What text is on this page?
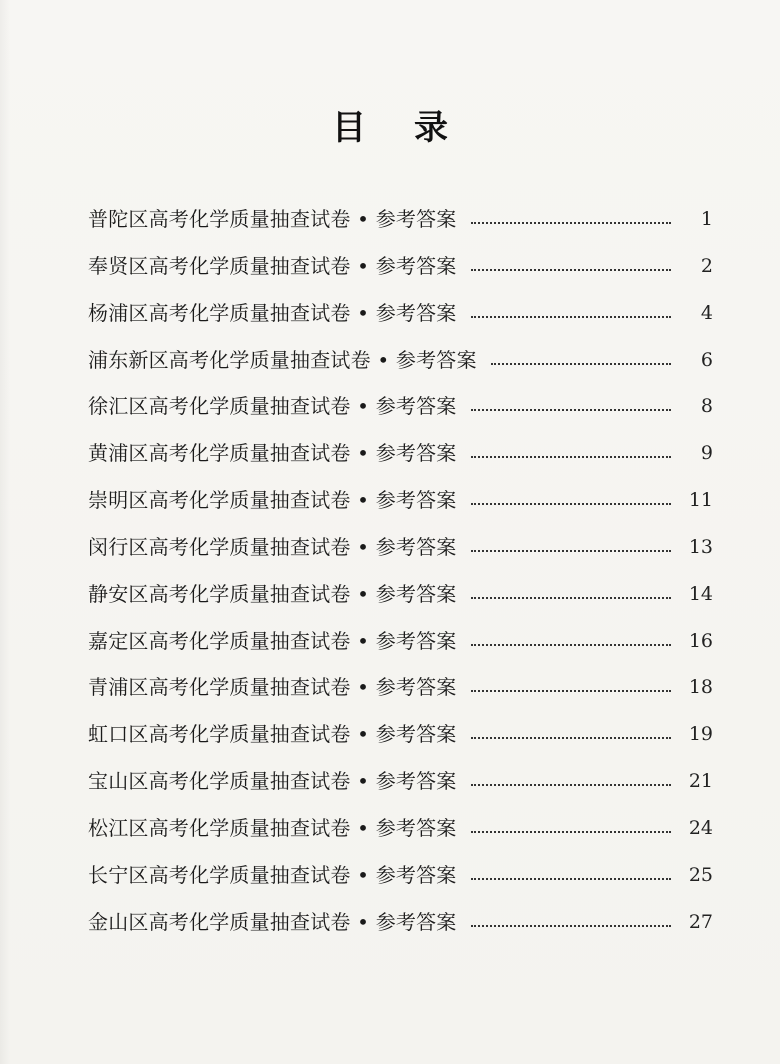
目录
普陀区高考化学质量抽查试卷 • 参考答案	1
奉贤区高考化学质量抽查试卷 • 参考答案	2
杨浦区高考化学质量抽查试卷 • 参考答案	4
浦东新区高考化学质量抽查试卷 • 参考答案	6
徐汇区高考化学质量抽查试卷 • 参考答案	8
黄浦区高考化学质量抽查试卷 • 参考答案	9
崇明区高考化学质量抽查试卷 • 参考答案	11
闵行区高考化学质量抽查试卷 • 参考答案	13
静安区高考化学质量抽查试卷 • 参考答案	14
嘉定区高考化学质量抽查试卷 • 参考答案	16
青浦区高考化学质量抽查试卷 • 参考答案	18
虹口区高考化学质量抽查试卷 • 参考答案	19
宝山区高考化学质量抽查试卷 • 参考答案	21
松江区高考化学质量抽查试卷 • 参考答案	24
长宁区高考化学质量抽查试卷 • 参考答案	25
金山区高考化学质量抽查试卷 • 参考答案	27
